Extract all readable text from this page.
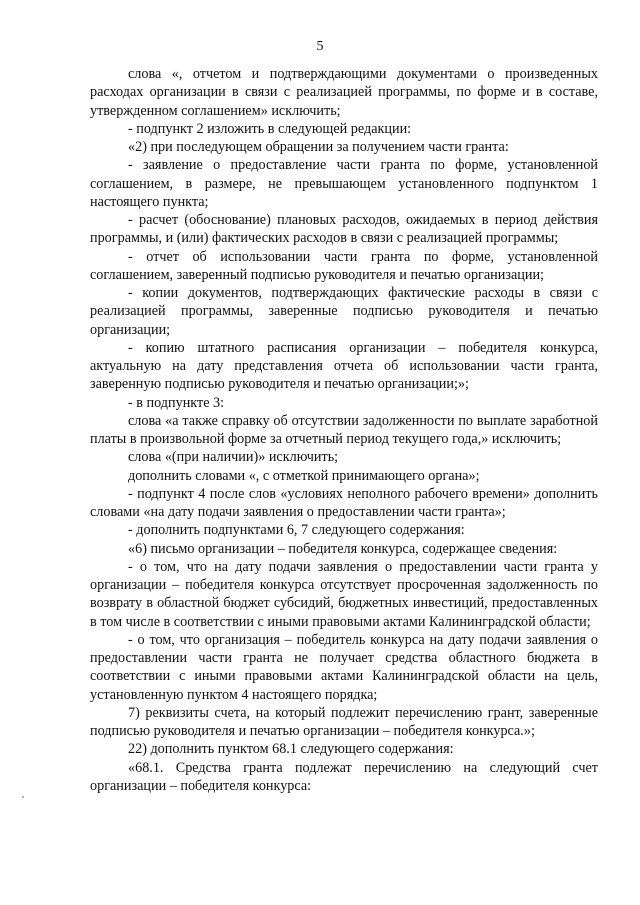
5

слова «, отчетом и подтверждающими документами о произведенных расходах организации в связи с реализацией программы, по форме и в составе, утвержденном соглашением» исключить;

- подпункт 2 изложить в следующей редакции:

«2) при последующем обращении за получением части гранта:

- заявление о предоставление части гранта по форме, установленной соглашением, в размере, не превышающем установленного подпунктом 1 настоящего пункта;

- расчет (обоснование) плановых расходов, ожидаемых в период действия программы, и (или) фактических расходов в связи с реализацией программы;

- отчет об использовании части гранта по форме, установленной соглашением, заверенный подписью руководителя и печатью организации;

- копии документов, подтверждающих фактические расходы в связи с реализацией программы, заверенные подписью руководителя и печатью организации;

- копию штатного расписания организации – победителя конкурса, актуальную на дату представления отчета об использовании части гранта, заверенную подписью руководителя и печатью организации;»;

- в подпункте 3:

слова «а также справку об отсутствии задолженности по выплате заработной платы в произвольной форме за отчетный период текущего года,» исключить;

слова «(при наличии)» исключить;

дополнить словами «, с отметкой принимающего органа»;

- подпункт 4 после слов «условиях неполного рабочего времени» дополнить словами «на дату подачи заявления о предоставлении части гранта»;

- дополнить подпунктами 6, 7 следующего содержания:

«6) письмо организации – победителя конкурса, содержащее сведения:

- о том, что на дату подачи заявления о предоставлении части гранта у организации – победителя конкурса отсутствует просроченная задолженность по возврату в областной бюджет субсидий, бюджетных инвестиций, предоставленных в том числе в соответствии с иными правовыми актами Калининградской области;

- о том, что организация – победитель конкурса на дату подачи заявления о предоставлении части гранта не получает средства областного бюджета в соответствии с иными правовыми актами Калининградской области на цель, установленную пунктом 4 настоящего порядка;

7) реквизиты счета, на который подлежит перечислению грант, заверенные подписью руководителя и печатью организации – победителя конкурса.»;

22) дополнить пунктом 68.1 следующего содержания:

«68.1. Средства гранта подлежат перечислению на следующий счет организации – победителя конкурса:
